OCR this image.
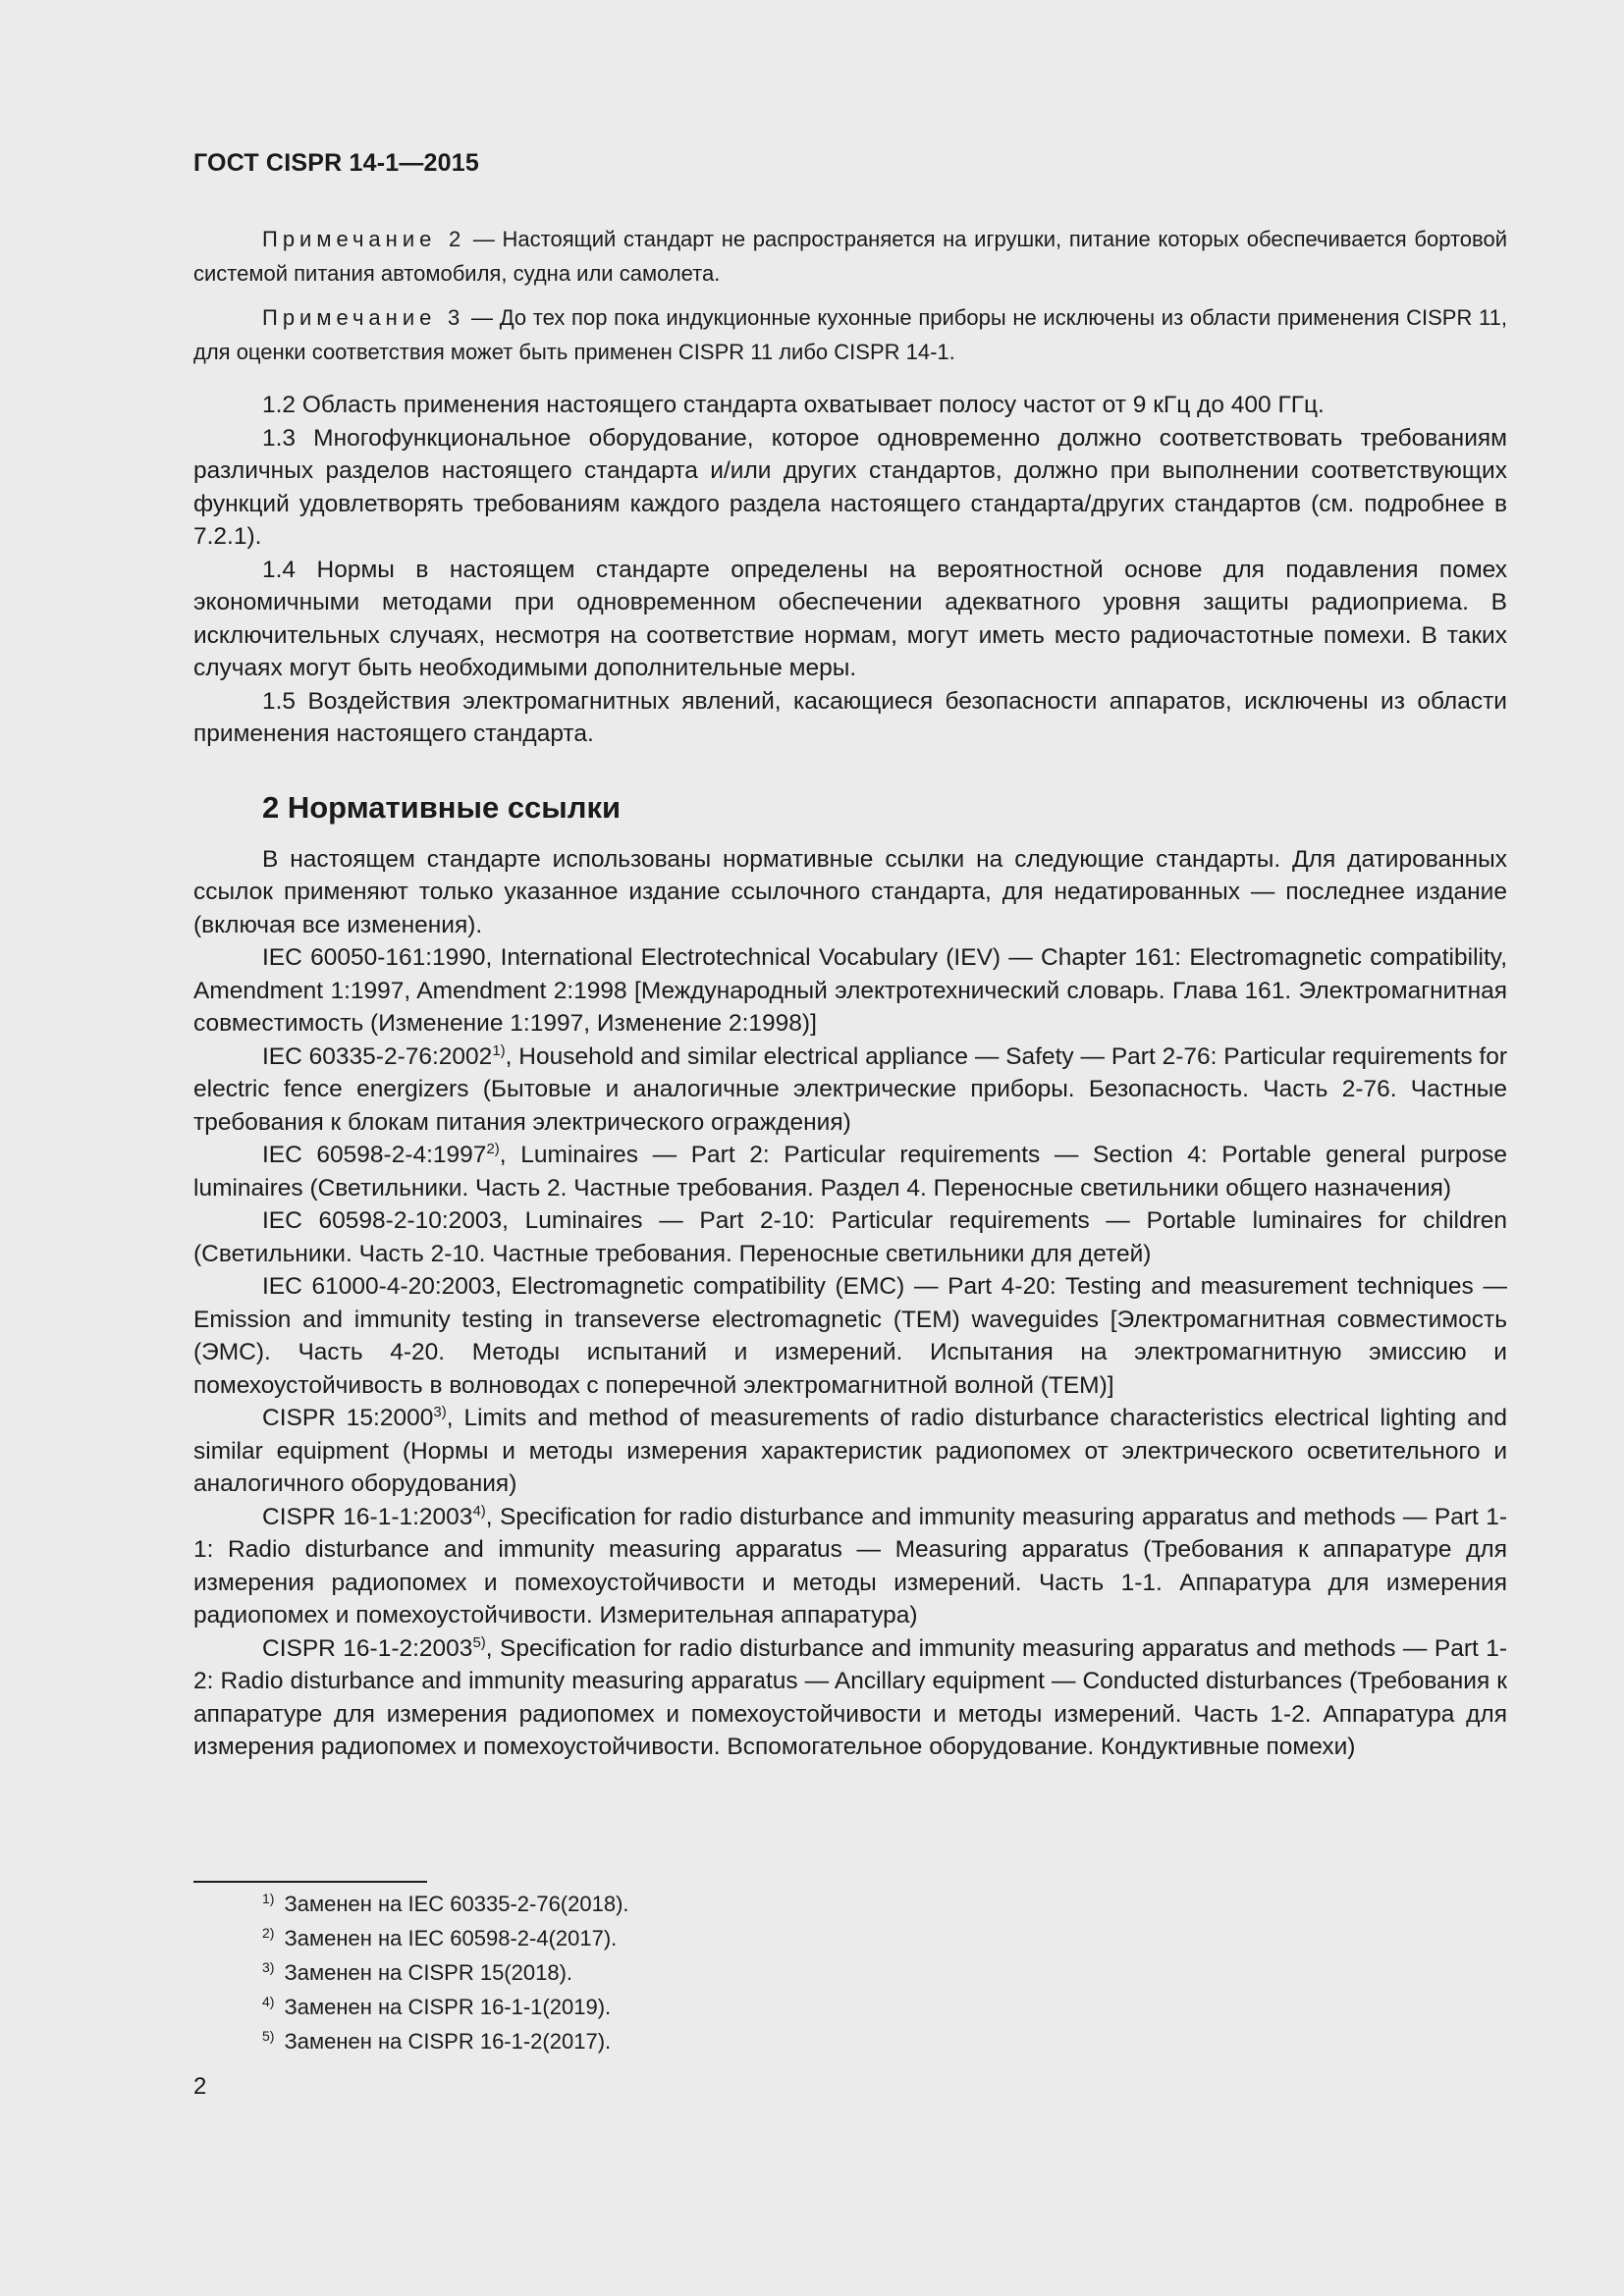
ГОСТ CISPR 14-1—2015

Примечание 2 — Настоящий стандарт не распространяется на игрушки, питание которых обеспечивается бортовой системой питания автомобиля, судна или самолета.

Примечание 3 — До тех пор пока индукционные кухонные приборы не исключены из области применения CISPR 11, для оценки соответствия может быть применен CISPR 11 либо CISPR 14-1.

1.2 Область применения настоящего стандарта охватывает полосу частот от 9 кГц до 400 ГГц.

1.3 Многофункциональное оборудование, которое одновременно должно соответствовать требованиям различных разделов настоящего стандарта и/или других стандартов, должно при выполнении соответствующих функций удовлетворять требованиям каждого раздела настоящего стандарта/других стандартов (см. подробнее в 7.2.1).

1.4 Нормы в настоящем стандарте определены на вероятностной основе для подавления помех экономичными методами при одновременном обеспечении адекватного уровня защиты радиоприема. В исключительных случаях, несмотря на соответствие нормам, могут иметь место радиочастотные помехи. В таких случаях могут быть необходимыми дополнительные меры.

1.5 Воздействия электромагнитных явлений, касающиеся безопасности аппаратов, исключены из области применения настоящего стандарта.

2 Нормативные ссылки

В настоящем стандарте использованы нормативные ссылки на следующие стандарты. Для датированных ссылок применяют только указанное издание ссылочного стандарта, для недатированных — последнее издание (включая все изменения).

IEC 60050-161:1990, International Electrotechnical Vocabulary (IEV) — Chapter 161: Electromagnetic compatibility, Amendment 1:1997, Amendment 2:1998 [Международный электротехнический словарь. Глава 161. Электромагнитная совместимость (Изменение 1:1997, Изменение 2:1998)]

IEC 60335-2-76:2002$^{1)}$, Household and similar electrical appliance — Safety — Part 2-76: Particular requirements for electric fence energizers (Бытовые и аналогичные электрические приборы. Безопасность. Часть 2-76. Частные требования к блокам питания электрического ограждения)

IEC 60598-2-4:1997$^{2)}$, Luminaires — Part 2: Particular requirements — Section 4: Portable general purpose luminaires (Светильники. Часть 2. Частные требования. Раздел 4. Переносные светильники общего назначения)

IEC 60598-2-10:2003, Luminaires — Part 2-10: Particular requirements — Portable luminaires for children (Светильники. Часть 2-10. Частные требования. Переносные светильники для детей)

IEC 61000-4-20:2003, Electromagnetic compatibility (EMC) — Part 4-20: Testing and measurement techniques — Emission and immunity testing in transeverse electromagnetic (TEM) waveguides [Электромагнитная совместимость (ЭМС). Часть 4-20. Методы испытаний и измерений. Испытания на электромагнитную эмиссию и помехоустойчивость в волноводах с поперечной электромагнитной волной (ТЕМ)]

CISPR 15:2000$^{3)}$, Limits and method of measurements of radio disturbance characteristics electrical lighting and similar equipment (Нормы и методы измерения характеристик радиопомех от электрического осветительного и аналогичного оборудования)

CISPR 16-1-1:2003$^{4)}$, Specification for radio disturbance and immunity measuring apparatus and methods — Part 1-1: Radio disturbance and immunity measuring apparatus — Measuring apparatus (Требования к аппаратуре для измерения радиопомех и помехоустойчивости и методы измерений. Часть 1-1. Аппаратура для измерения радиопомех и помехоустойчивости. Измерительная аппаратура)

CISPR 16-1-2:2003$^{5)}$, Specification for radio disturbance and immunity measuring apparatus and methods — Part 1-2: Radio disturbance and immunity measuring apparatus — Ancillary equipment — Conducted disturbances (Требования к аппаратуре для измерения радиопомех и помехоустойчивости и методы измерений. Часть 1-2. Аппаратура для измерения радиопомех и помехоустойчивости. Вспомогательное оборудование. Кондуктивные помехи)

$^{1)}$ Заменен на IEC 60335-2-76(2018).
$^{2)}$ Заменен на IEC 60598-2-4(2017).
$^{3)}$ Заменен на CISPR 15(2018).
$^{4)}$ Заменен на CISPR 16-1-1(2019).
$^{5)}$ Заменен на CISPR 16-1-2(2017).
2
